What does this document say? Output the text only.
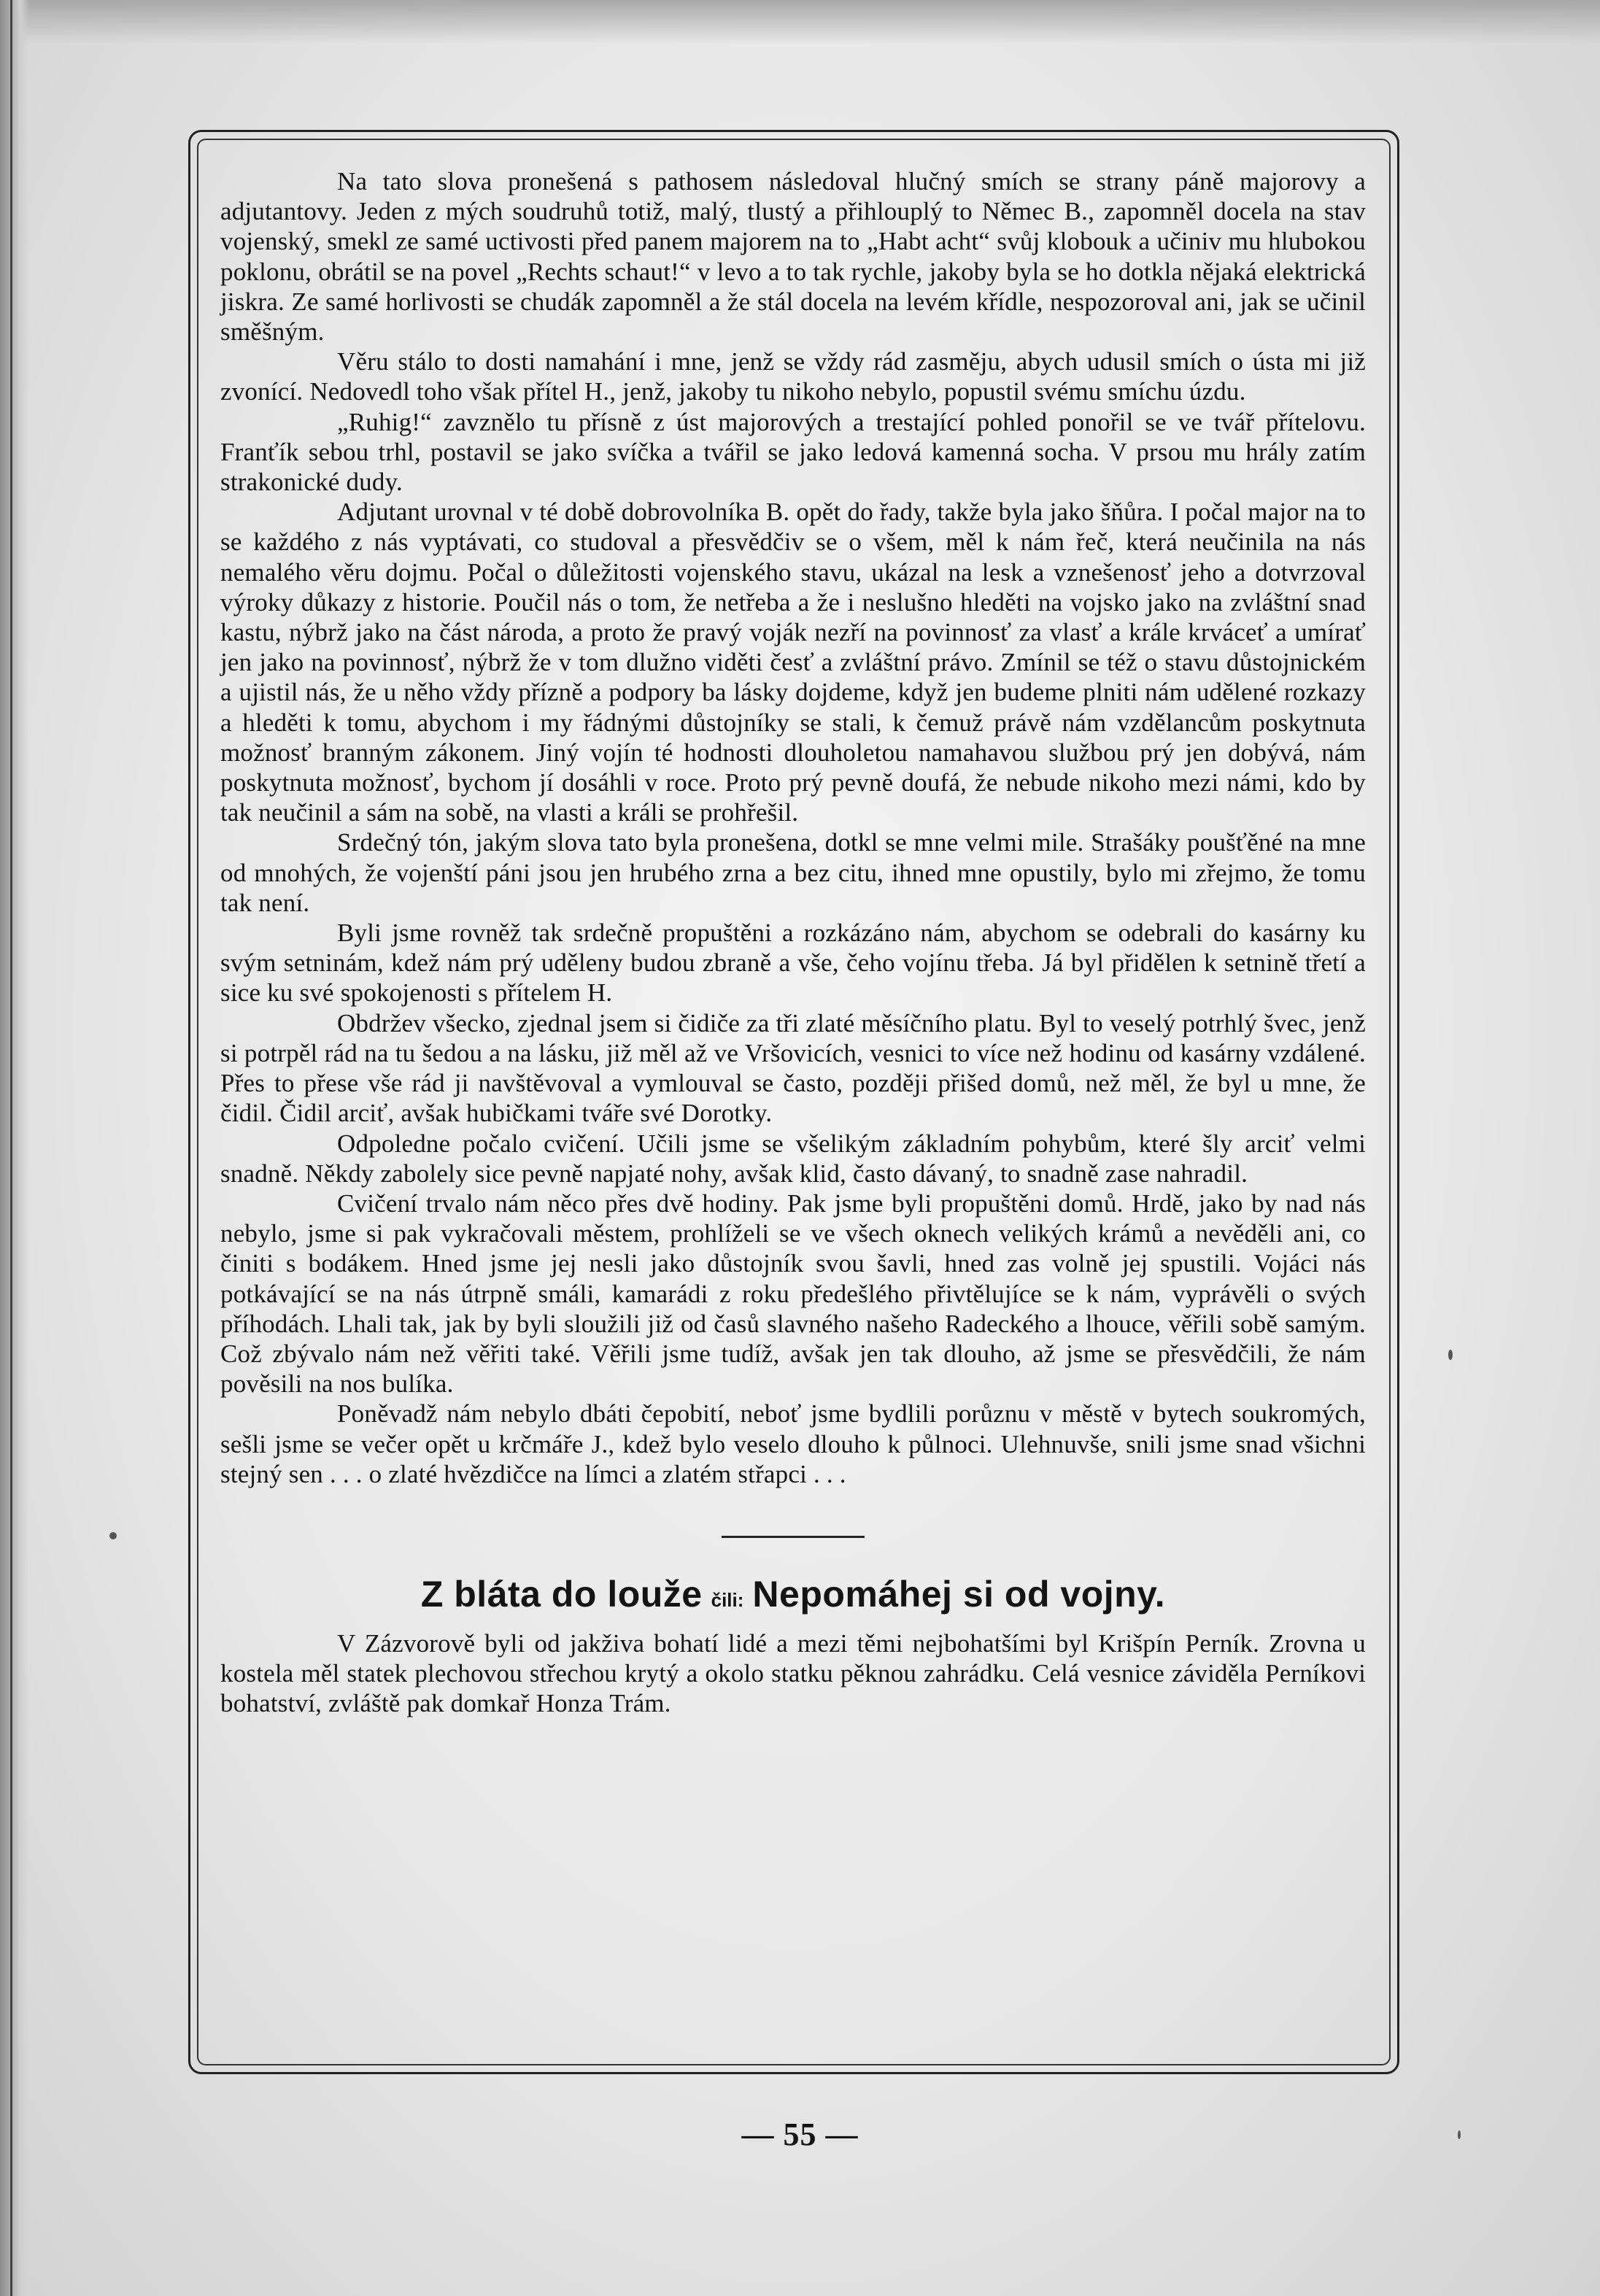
Na tato slova pronešená s pathosem následoval hlučný smích se strany páně majorovy a adjutantovy. Jeden z mých soudruhů totiž, malý, tlustý a přihlouplý to Němec B., zapomněl docela na stav vojenský, smekl ze samé uctivosti před panem majorem na to „Habt acht“ svůj klobouk a učiniv mu hlubokou poklonu, obrátil se na povel „Rechts schaut!“ v levo a to tak rychle, jakoby byla se ho dotkla nějaká elektrická jiskra. Ze samé horlivosti se chudák zapomněl a že stál docela na levém křídle, nespozoroval ani, jak se učinil směšným.

Věru stálo to dosti namahání i mne, jenž se vždy rád zasměju, abych udusil smích o ústa mi již zvonící. Nedovedl toho však přítel H., jenž, jakoby tu nikoho nebylo, popustil svému smíchu úzdu.

„Ruhig!“ zavznělo tu přísně z úst majorových a trestající pohled ponořil se ve tvář přítelovu. Franťík sebou trhl, postavil se jako svíčka a tvářil se jako ledová kamenná socha. V prsou mu hrály zatím strakonické dudy.

Adjutant urovnal v té době dobrovolníka B. opět do řady, takže byla jako šňůra. I počal major na to se každého z nás vyptávati, co studoval a přesvědčiv se o všem, měl k nám řeč, která neučinila na nás nemalého věru dojmu. Počal o důležitosti vojenského stavu, ukázal na lesk a vznešenosť jeho a dotvrzoval výroky důkazy z historie. Poučil nás o tom, že netřeba a že i neslušno hleděti na vojsko jako na zvláštní snad kastu, nýbrž jako na část národa, a proto že pravý voják nezří na povinnosť za vlasť a krále krváceť a umírať jen jako na povinnosť, nýbrž že v tom dlužno viděti česť a zvláštní právo. Zmínil se též o stavu důstojnickém a ujistil nás, že u něho vždy přízně a podpory ba lásky dojdeme, když jen budeme plniti nám udělené rozkazy a hleděti k tomu, abychom i my řádnými důstojníky se stali, k čemuž právě nám vzdělancům poskytnuta možnosť branným zákonem. Jiný vojín té hodnosti dlouholetou namahavou službou prý jen dobývá, nám poskytnuta možnosť, bychom jí dosáhli v roce. Proto prý pevně doufá, že nebude nikoho mezi námi, kdo by tak neučinil a sám na sobě, na vlasti a králi se prohřešil.

Srdečný tón, jakým slova tato byla pronešena, dotkl se mne velmi mile. Strašáky poušťěné na mne od mnohých, že vojenští páni jsou jen hrubého zrna a bez citu, ihned mne opustily, bylo mi zřejmo, že tomu tak není.

Byli jsme rovněž tak srdečně propuštěni a rozkázáno nám, abychom se odebrali do kasárny ku svým setninám, kdež nám prý uděleny budou zbraně a vše, čeho vojínu třeba. Já byl přidělen k setnině třetí a sice ku své spokojenosti s přítelem H.

Obdržev všecko, zjednal jsem si čidiče za tři zlaté měsíčního platu. Byl to veselý potrhlý švec, jenž si potrpěl rád na tu šedou a na lásku, již měl až ve Vršovicích, vesnici to více než hodinu od kasárny vzdálené. Přes to přese vše rád ji navštěvoval a vymlouval se často, později přišed domů, než měl, že byl u mne, že čidil. Čidil arciť, avšak hubičkami tváře své Dorotky.

Odpoledne počalo cvičení. Učili jsme se všelikým základním pohybům, které šly arciť velmi snadně. Někdy zabolely sice pevně napjaté nohy, avšak klid, často dávaný, to snadně zase nahradil.

Cvičení trvalo nám něco přes dvě hodiny. Pak jsme byli propuštěni domů. Hrdě, jako by nad nás nebylo, jsme si pak vykračovali městem, prohlíželi se ve všech oknech velikých krámů a nevěděli ani, co činiti s bodákem. Hned jsme jej nesli jako důstojník svou šavli, hned zas volně jej spustili. Vojáci nás potkávající se na nás útrpně smáli, kamarádi z roku předešlého přivtělujíce se k nám, vyprávěli o svých příhodách. Lhali tak, jak by byli sloužili již od časů slavného našeho Radeckého a lhouce, věřili sobě samým. Což zbývalo nám než věřiti také. Věřili jsme tudíž, avšak jen tak dlouho, až jsme se přesvědčili, že nám pověsili na nos bulíka.

Poněvadž nám nebylo dbáti čepobití, neboť jsme bydlili porůznu v městě v bytech soukromých, sešli jsme se večer opět u krčmáře J., kdež bylo veselo dlouho k půlnoci. Ulehnuvše, snili jsme snad všichni stejný sen . . . o zlaté hvězdičce na límci a zlatém střapci . . .

Z bláta do louže čili: Nepomáhej si od vojny.

V Zázvorově byli od jakživa bohatí lidé a mezi těmi nejbohatšími byl Krišpín Perník. Zrovna u kostela měl statek plechovou střechou krytý a okolo statku pěknou zahrádku. Celá vesnice záviděla Perníkovi bohatství, zvláště pak domkař Honza Trám.

— 55 —
